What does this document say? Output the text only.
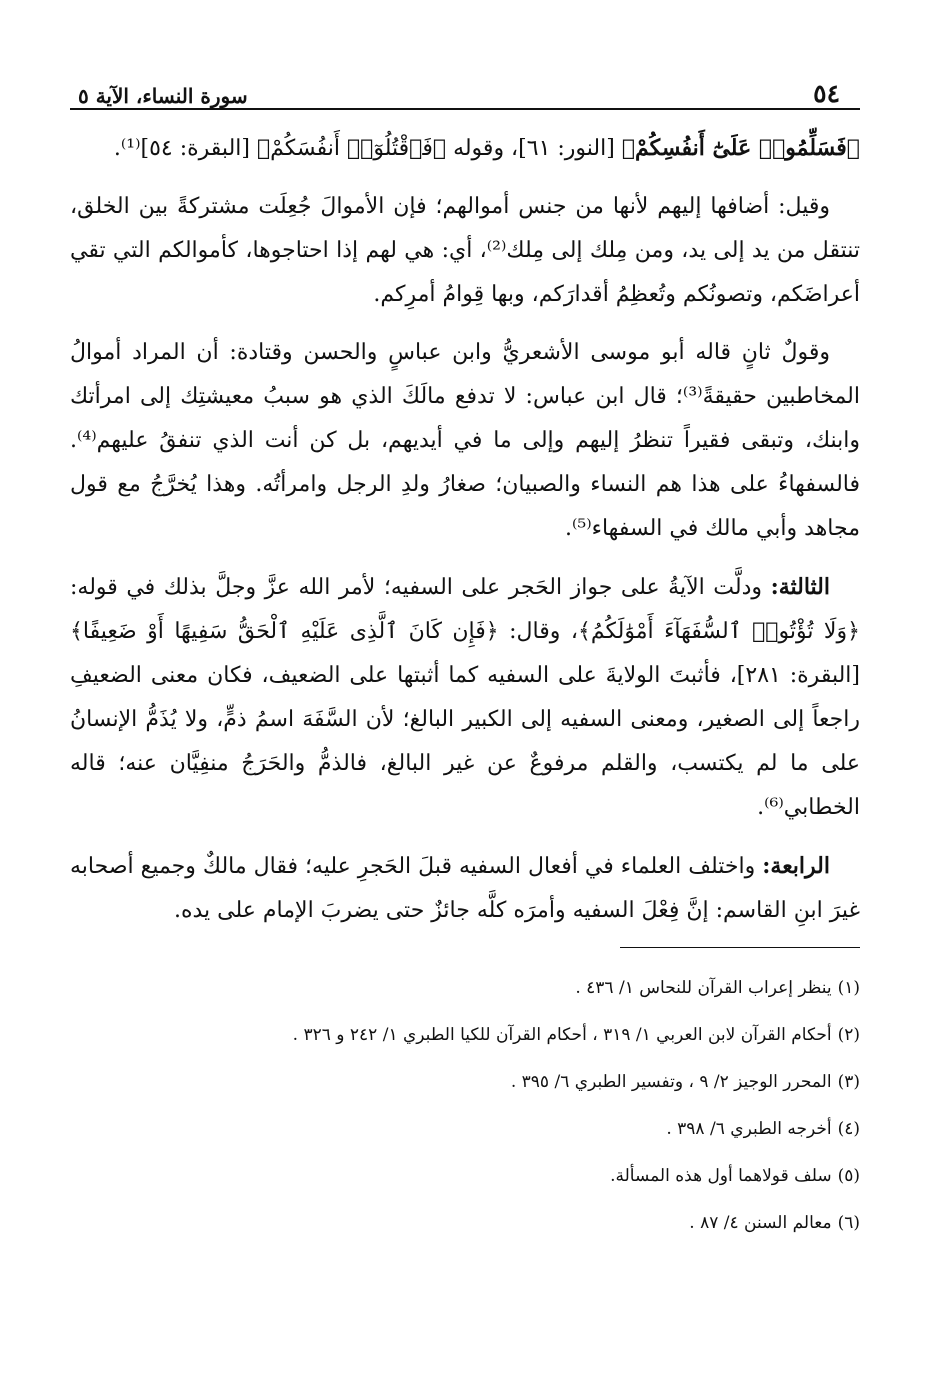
٥٤
سورة النساء، الآية ٥

﴿فَسَلِّمُوا۟ عَلَىٰٓ أَنفُسِكُمْ﴾ [النور: ٦١]، وقوله ﴿فَٱقْتُلُوٓا۟ أَنفُسَكُمْ﴾ [البقرة: ٥٤]⁽¹⁾.

وقيل: أضافها إليهم لأنها من جنس أموالهم؛ فإن الأموالَ جُعِلَت مشتركةً بين الخلق، تنتقل من يد إلى يد، ومن مِلك إلى مِلك⁽²⁾، أي: هي لهم إذا احتاجوها، كأموالكم التي تقي أعراضَكم، وتصونُكم وتُعظِمُ أقدارَكم، وبها قِوامُ أمرِكم.

وقولٌ ثانٍ قاله أبو موسى الأشعريُّ وابن عباسٍ والحسن وقتادة: أن المراد أموالُ المخاطبين حقيقةً⁽³⁾؛ قال ابن عباس: لا تدفع مالَكَ الذي هو سببُ معيشتِك إلى امرأتك وابنك، وتبقى فقيراً تنظرُ إليهم وإلى ما في أيديهم، بل كن أنت الذي تنفقُ عليهم⁽⁴⁾. فالسفهاءُ على هذا هم النساء والصبيان؛ صغارُ ولدِ الرجل وامرأتُه. وهذا يُخرَّجُ مع قول مجاهد وأبي مالك في السفهاء⁽⁵⁾.

الثالثة: ودلَّت الآيةُ على جواز الحَجر على السفيه؛ لأمر الله عزَّ وجلَّ بذلك في قوله: ﴿وَلَا تُؤْتُوا۟ ٱلسُّفَهَآءَ أَمْوَٰلَكُمُ﴾، وقال: ﴿فَإِن كَانَ ٱلَّذِى عَلَيْهِ ٱلْحَقُّ سَفِيهًا أَوْ ضَعِيفًا﴾ [البقرة: ٢٨١]، فأثبتَ الولايةَ على السفيه كما أثبتها على الضعيف، فكان معنى الضعيفِ راجعاً إلى الصغير، ومعنى السفيه إلى الكبير البالغ؛ لأن السَّفَهَ اسمُ ذمٍّ، ولا يُذَمُّ الإنسانُ على ما لم يكتسب، والقلم مرفوعٌ عن غير البالغ، فالذمُّ والحَرَجُ منفِيَّان عنه؛ قاله الخطابي⁽⁶⁾.

الرابعة: واختلف العلماء في أفعال السفيه قبلَ الحَجرِ عليه؛ فقال مالكٌ وجميع أصحابه غيرَ ابنِ القاسم: إنَّ فِعْلَ السفيه وأمرَه كلَّه جائزٌ حتى يضربَ الإمام على يده.

(١)ينظر إعراب القرآن للنحاس ١/ ٤٣٦ .

(٢)أحكام القرآن لابن العربي ١/ ٣١٩ ، أحكام القرآن للكيا الطبري ١/ ٢٤٢ و ٣٢٦ .

(٣)المحرر الوجيز ٢/ ٩ ، وتفسير الطبري ٦/ ٣٩٥ .

(٤)أخرجه الطبري ٦/ ٣٩٨ .

(٥)سلف قولاهما أول هذه المسألة.

(٦)معالم السنن ٤/ ٨٧ .
